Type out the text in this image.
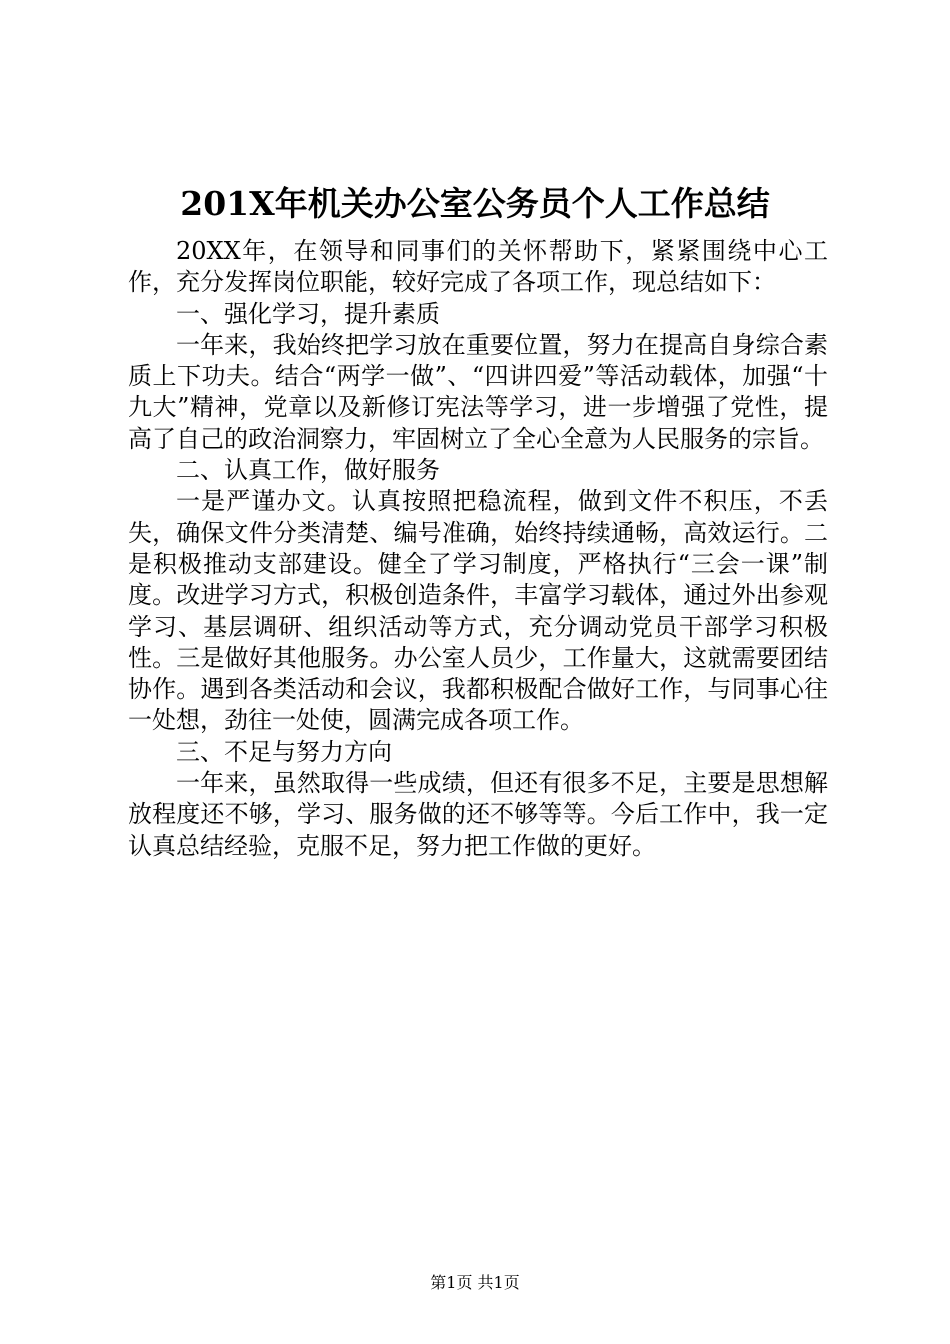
201X年机关办公室公务员个人工作总结

20XX年，在领导和同事们的关怀帮助下，紧紧围绕中心工作，充分发挥岗位职能，较好完成了各项工作，现总结如下：

一、强化学习，提升素质

一年来，我始终把学习放在重要位置，努力在提高自身综合素质上下功夫。结合“两学一做”、“四讲四爱”等活动载体，加强“十九大”精神，党章以及新修订宪法等学习，进一步增强了党性，提高了自己的政治洞察力，牢固树立了全心全意为人民服务的宗旨。

二、认真工作，做好服务

一是严谨办文。认真按照把稳流程，做到文件不积压，不丢失，确保文件分类清楚、编号准确，始终持续通畅，高效运行。二是积极推动支部建设。健全了学习制度，严格执行“三会一课”制度。改进学习方式，积极创造条件，丰富学习载体，通过外出参观学习、基层调研、组织活动等方式，充分调动党员干部学习积极性。三是做好其他服务。办公室人员少，工作量大，这就需要团结协作。遇到各类活动和会议，我都积极配合做好工作，与同事心往一处想，劲往一处使，圆满完成各项工作。

三、不足与努力方向

一年来，虽然取得一些成绩，但还有很多不足，主要是思想解放程度还不够，学习、服务做的还不够等等。今后工作中，我一定认真总结经验，克服不足，努力把工作做的更好。

第1页 共1页
